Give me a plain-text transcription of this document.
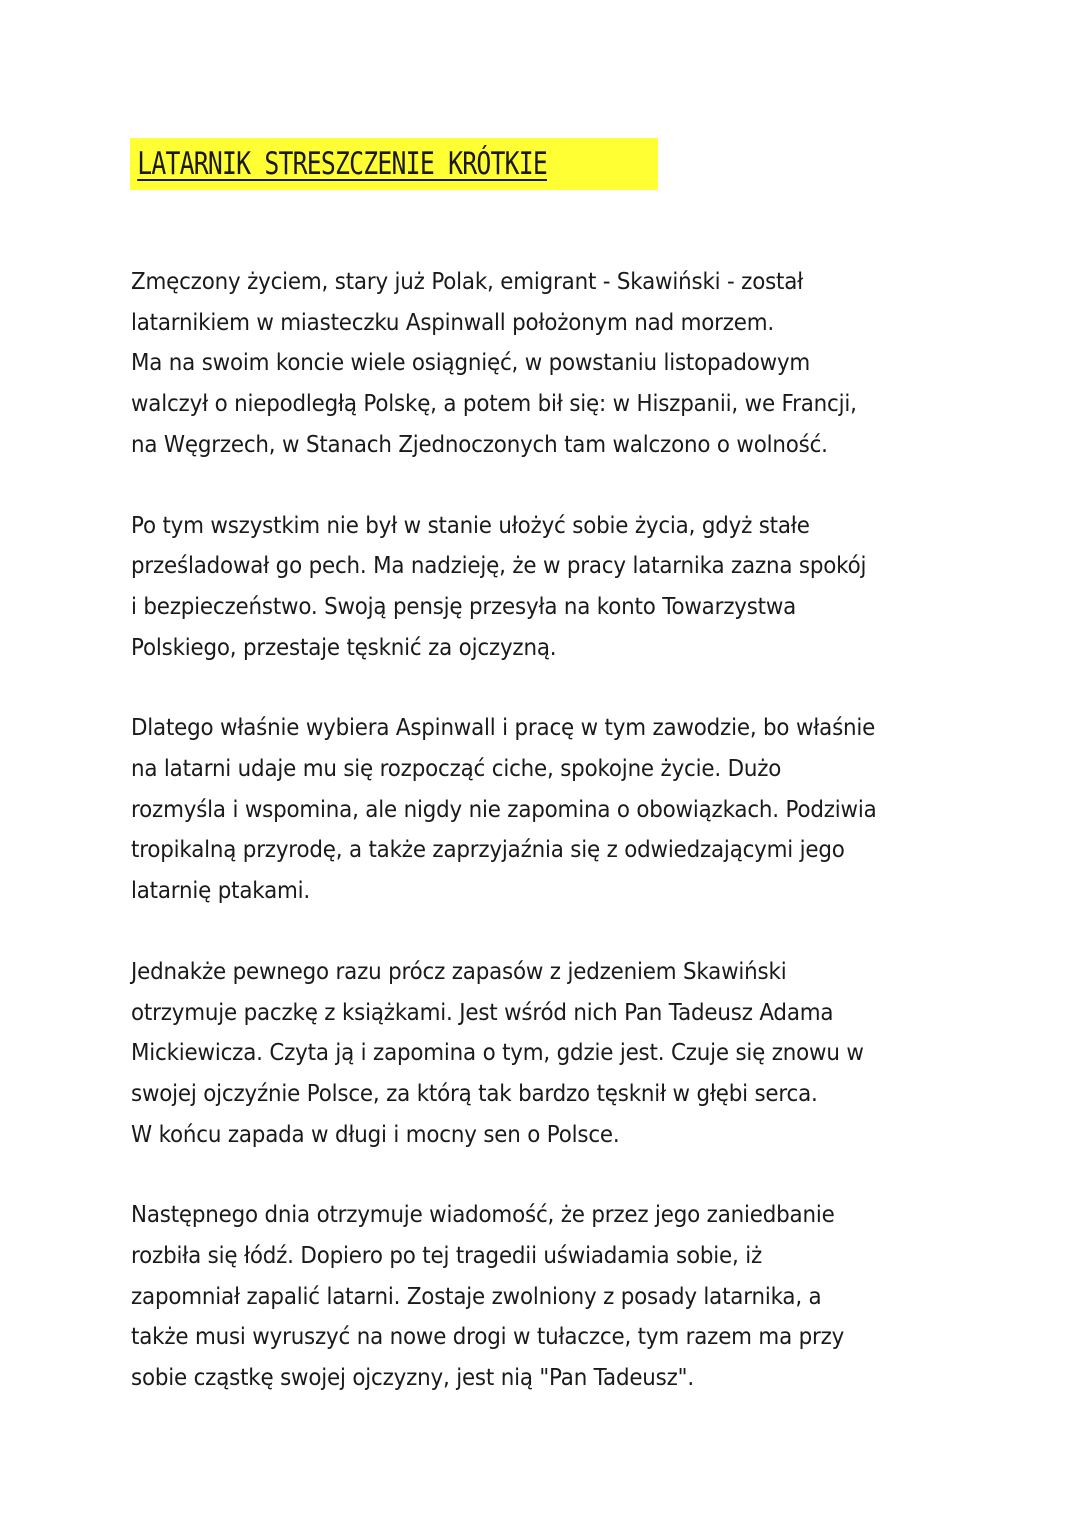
LATARNIK STRESZCZENIE KRÓTKIE
Zmęczony życiem, stary już Polak, emigrant - Skawiński - został
latarnikiem w miasteczku Aspinwall położonym nad morzem.
Ma na swoim koncie wiele osiągnięć, w powstaniu listopadowym
walczył o niepodległą Polskę, a potem bił się: w Hiszpanii, we Francji,
na Węgrzech, w Stanach Zjednoczonych tam walczono o wolność.
Po tym wszystkim nie był w stanie ułożyć sobie życia, gdyż stałe
prześladował go pech. Ma nadzieję, że w pracy latarnika zazna spokój
i bezpieczeństwo. Swoją pensję przesyła na konto Towarzystwa
Polskiego, przestaje tęsknić za ojczyzną.
Dlatego właśnie wybiera Aspinwall i pracę w tym zawodzie, bo właśnie
na latarni udaje mu się rozpocząć ciche, spokojne życie. Dużo
rozmyśla i wspomina, ale nigdy nie zapomina o obowiązkach. Podziwia
tropikalną przyrodę, a także zaprzyjaźnia się z odwiedzającymi jego
latarnię ptakami.
Jednakże pewnego razu prócz zapasów z jedzeniem Skawiński
otrzymuje paczkę z książkami. Jest wśród nich Pan Tadeusz Adama
Mickiewicza. Czyta ją i zapomina o tym, gdzie jest. Czuje się znowu w
swojej ojczyźnie Polsce, za którą tak bardzo tęsknił w głębi serca.
W końcu zapada w długi i mocny sen o Polsce.
Następnego dnia otrzymuje wiadomość, że przez jego zaniedbanie
rozbiła się łódź. Dopiero po tej tragedii uświadamia sobie, iż
zapomniał zapalić latarni. Zostaje zwolniony z posady latarnika, a
także musi wyruszyć na nowe drogi w tułaczce, tym razem ma przy
sobie cząstkę swojej ojczyzny, jest nią "Pan Tadeusz".
